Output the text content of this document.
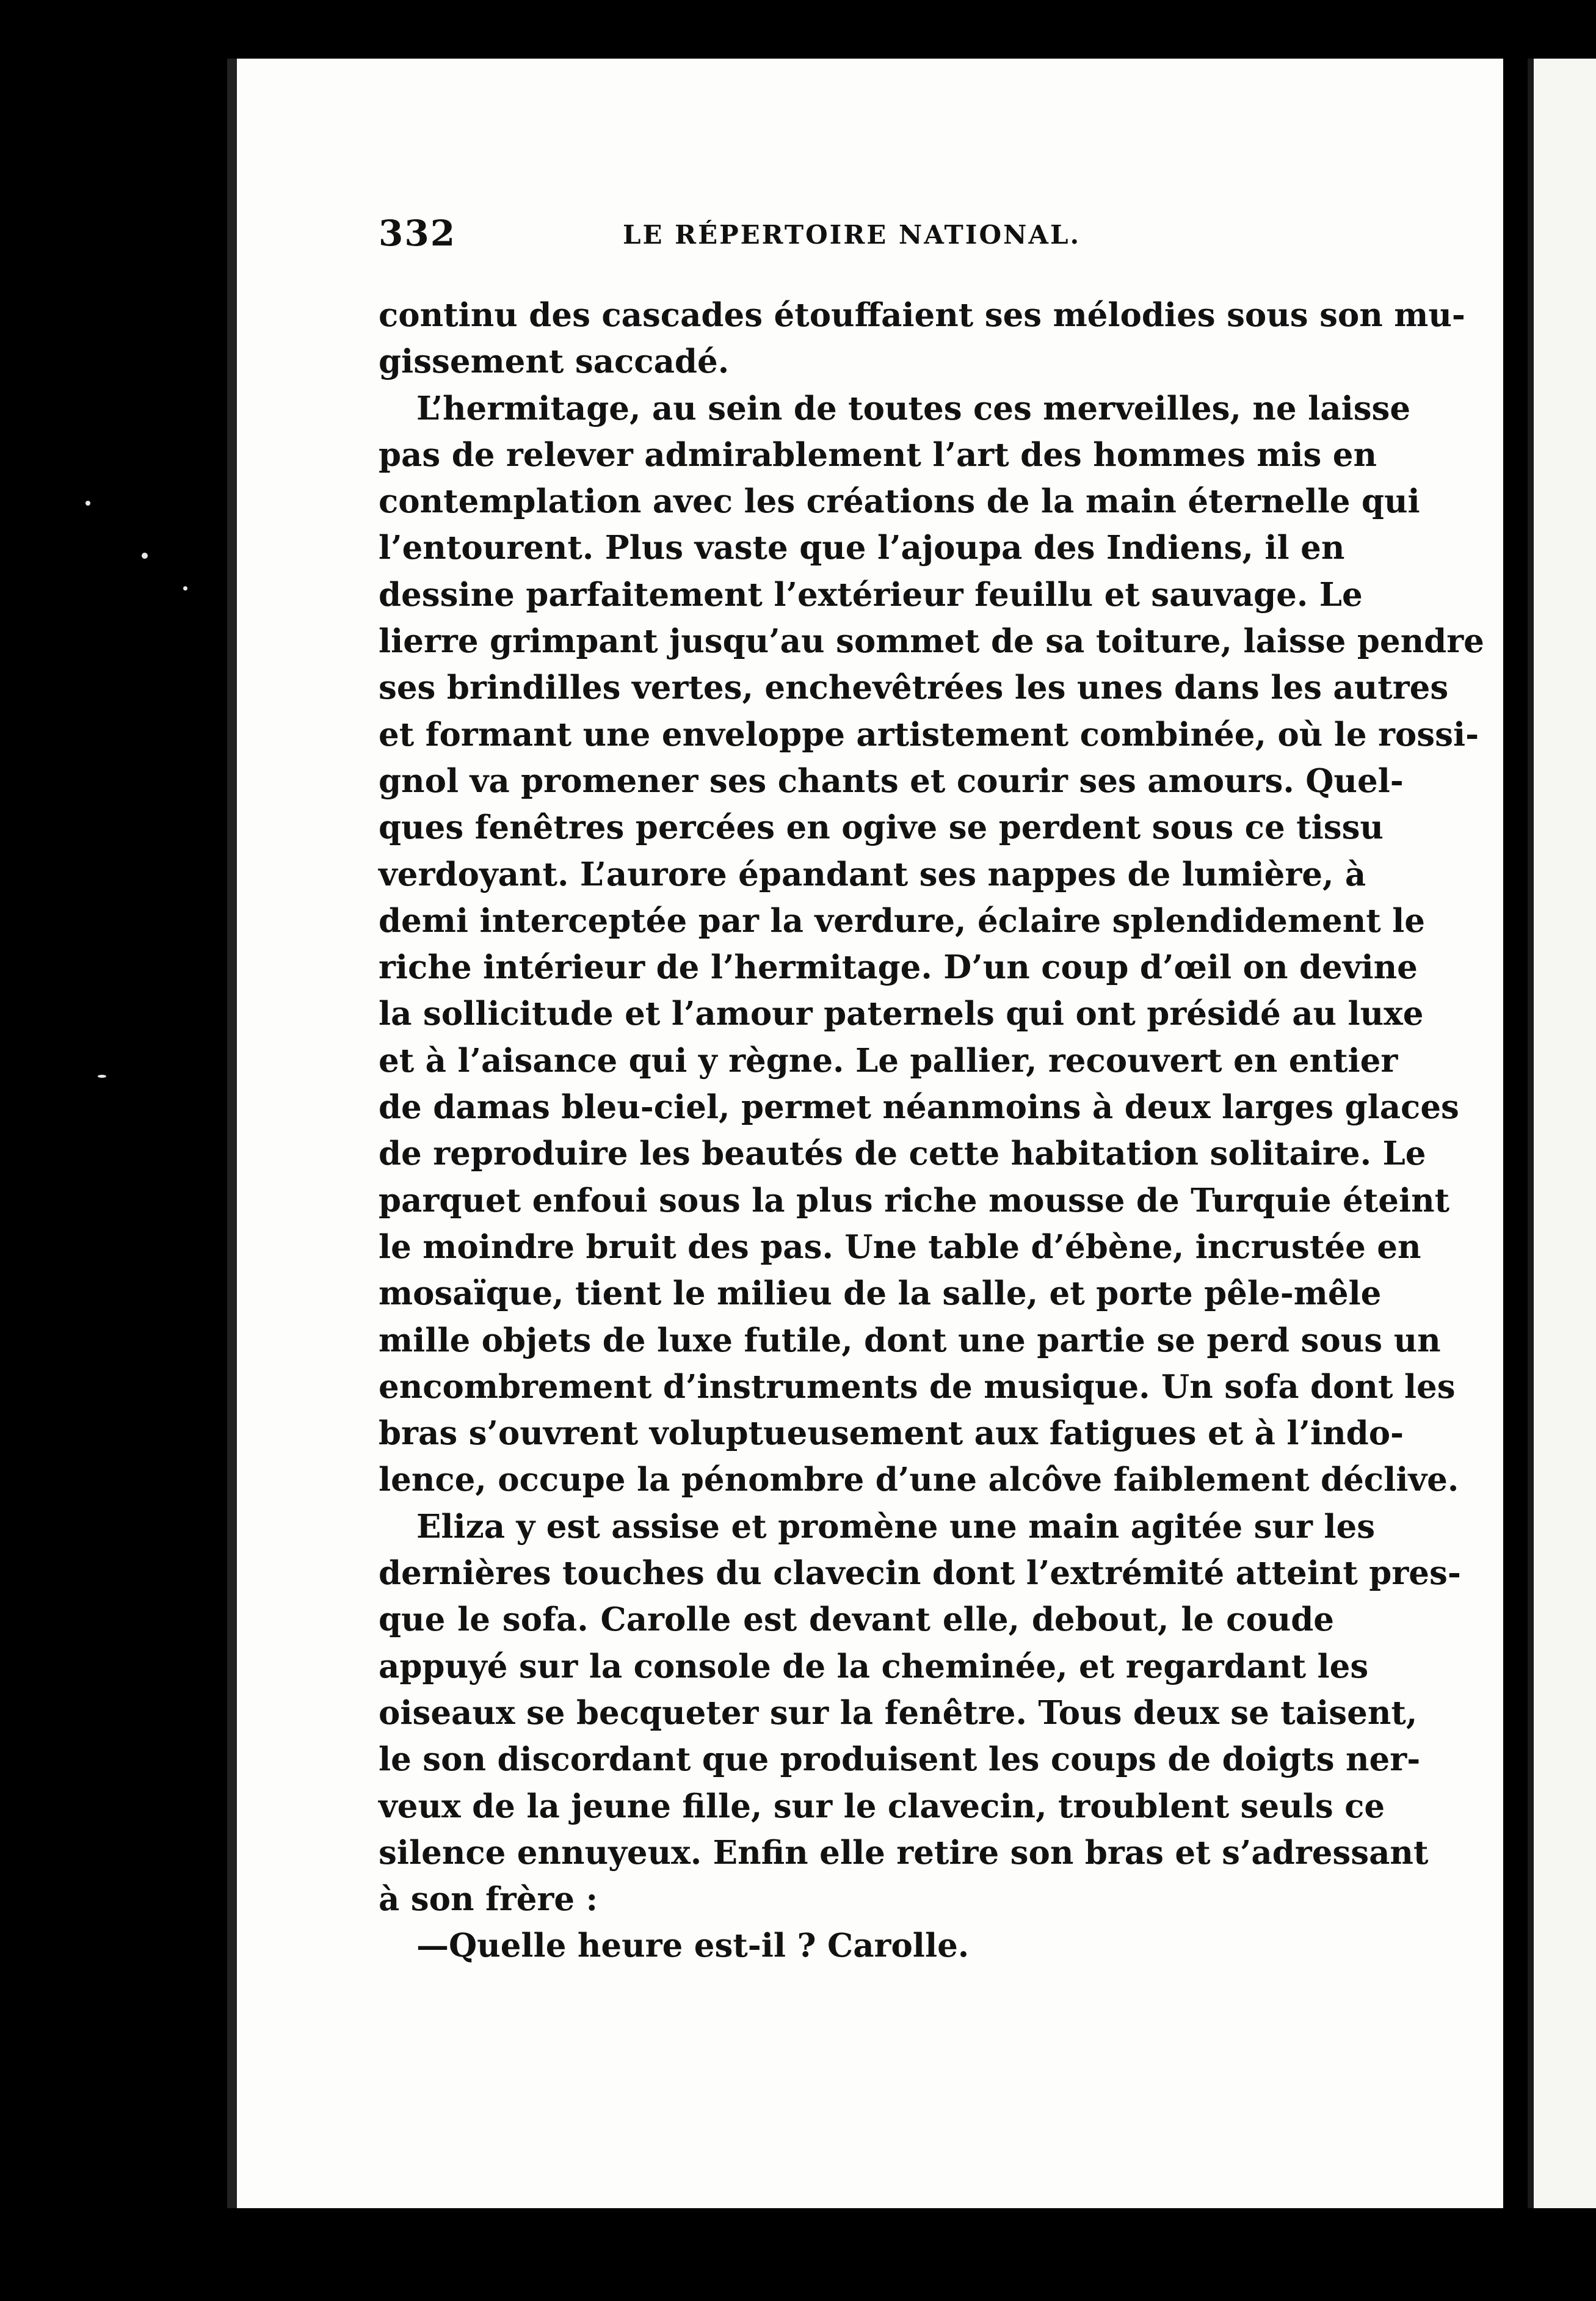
332	LE RÉPERTOIRE NATIONAL.
continu des cascades étouffaient ses mélodies sous son mu-
gissement saccadé.
L’hermitage, au sein de toutes ces merveilles, ne laisse
pas de relever admirablement l’art des hommes mis en
contemplation avec les créations de la main éternelle qui
l’entourent. Plus vaste que l’ajoupa des Indiens, il en
dessine parfaitement l’extérieur feuillu et sauvage. Le
lierre grimpant jusqu’au sommet de sa toiture, laisse pendre
ses brindilles vertes, enchevêtrées les unes dans les autres
et formant une enveloppe artistement combinée, où le rossi-
gnol va promener ses chants et courir ses amours. Quel-
ques fenêtres percées en ogive se perdent sous ce tissu
verdoyant. L’aurore épandant ses nappes de lumière, à
demi interceptée par la verdure, éclaire splendidement le
riche intérieur de l’hermitage. D’un coup d’œil on devine
la sollicitude et l’amour paternels qui ont présidé au luxe
et à l’aisance qui y règne. Le pallier, recouvert en entier
de damas bleu-ciel, permet néanmoins à deux larges glaces
de reproduire les beautés de cette habitation solitaire. Le
parquet enfoui sous la plus riche mousse de Turquie éteint
le moindre bruit des pas. Une table d’ébène, incrustée en
mosaïque, tient le milieu de la salle, et porte pêle-mêle
mille objets de luxe futile, dont une partie se perd sous un
encombrement d’instruments de musique. Un sofa dont les
bras s’ouvrent voluptueusement aux fatigues et à l’indo-
lence, occupe la pénombre d’une alcôve faiblement déclive.
Eliza y est assise et promène une main agitée sur les
dernières touches du clavecin dont l’extrémité atteint pres-
que le sofa. Carolle est devant elle, debout, le coude
appuyé sur la console de la cheminée, et regardant les
oiseaux se becqueter sur la fenêtre. Tous deux se taisent,
le son discordant que produisent les coups de doigts ner-
veux de la jeune fille, sur le clavecin, troublent seuls ce
silence ennuyeux. Enfin elle retire son bras et s’adressant
à son frère :
—Quelle heure est-il ? Carolle.
